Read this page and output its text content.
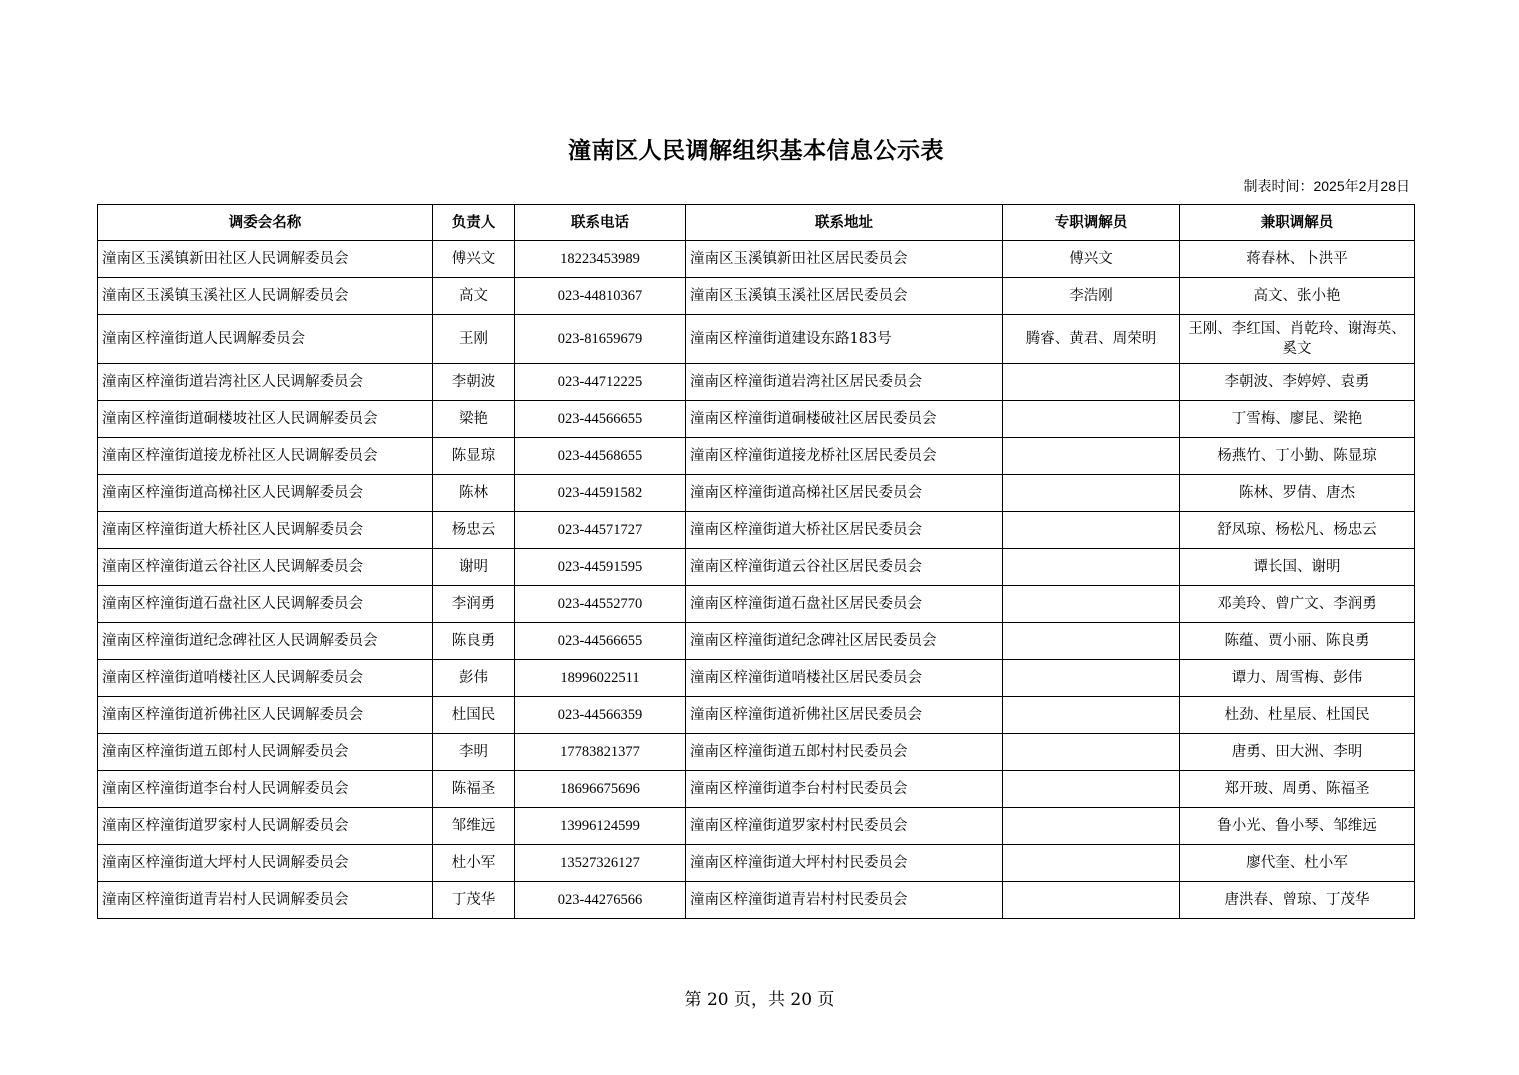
潼南区人民调解组织基本信息公示表
制表时间：2025年2月28日
调委会名称	负责人	联系电话	联系地址	专职调解员	兼职调解员
潼南区玉溪镇新田社区人民调解委员会	傅兴文	18223453989	潼南区玉溪镇新田社区居民委员会	傅兴文	蒋春林、卜洪平
潼南区玉溪镇玉溪社区人民调解委员会	高文	023-44810367	潼南区玉溪镇玉溪社区居民委员会	李浩刚	高文、张小艳
潼南区梓潼街道人民调解委员会	王刚	023-81659679	潼南区梓潼街道建设东路183号	腾睿、黄君、周荣明	王刚、李红国、肖乾玲、谢海英、奚文
潼南区梓潼街道岩湾社区人民调解委员会	李朝波	023-44712225	潼南区梓潼街道岩湾社区居民委员会		李朝波、李婷婷、袁勇
潼南区梓潼街道硐楼坡社区人民调解委员会	梁艳	023-44566655	潼南区梓潼街道硐楼破社区居民委员会		丁雪梅、廖昆、梁艳
潼南区梓潼街道接龙桥社区人民调解委员会	陈显琼	023-44568655	潼南区梓潼街道接龙桥社区居民委员会		杨燕竹、丁小勤、陈显琼
潼南区梓潼街道高梯社区人民调解委员会	陈林	023-44591582	潼南区梓潼街道高梯社区居民委员会		陈林、罗倩、唐杰
潼南区梓潼街道大桥社区人民调解委员会	杨忠云	023-44571727	潼南区梓潼街道大桥社区居民委员会		舒凤琼、杨松凡、杨忠云
潼南区梓潼街道云谷社区人民调解委员会	谢明	023-44591595	潼南区梓潼街道云谷社区居民委员会		谭长国、谢明
潼南区梓潼街道石盘社区人民调解委员会	李润勇	023-44552770	潼南区梓潼街道石盘社区居民委员会		邓美玲、曾广文、李润勇
潼南区梓潼街道纪念碑社区人民调解委员会	陈良勇	023-44566655	潼南区梓潼街道纪念碑社区居民委员会		陈蕴、贾小丽、陈良勇
潼南区梓潼街道哨楼社区人民调解委员会	彭伟	18996022511	潼南区梓潼街道哨楼社区居民委员会		谭力、周雪梅、彭伟
潼南区梓潼街道祈佛社区人民调解委员会	杜国民	023-44566359	潼南区梓潼街道祈佛社区居民委员会		杜劲、杜星辰、杜国民
潼南区梓潼街道五郎村人民调解委员会	李明	17783821377	潼南区梓潼街道五郎村村民委员会		唐勇、田大洲、李明
潼南区梓潼街道李台村人民调解委员会	陈福圣	18696675696	潼南区梓潼街道李台村村民委员会		郑开玻、周勇、陈福圣
潼南区梓潼街道罗家村人民调解委员会	邹维远	13996124599	潼南区梓潼街道罗家村村民委员会		鲁小光、鲁小琴、邹维远
潼南区梓潼街道大坪村人民调解委员会	杜小军	13527326127	潼南区梓潼街道大坪村村民委员会		廖代奎、杜小军
潼南区梓潼街道青岩村人民调解委员会	丁茂华	023-44276566	潼南区梓潼街道青岩村村民委员会		唐洪春、曾琼、丁茂华
第 20 页，共 20 页
